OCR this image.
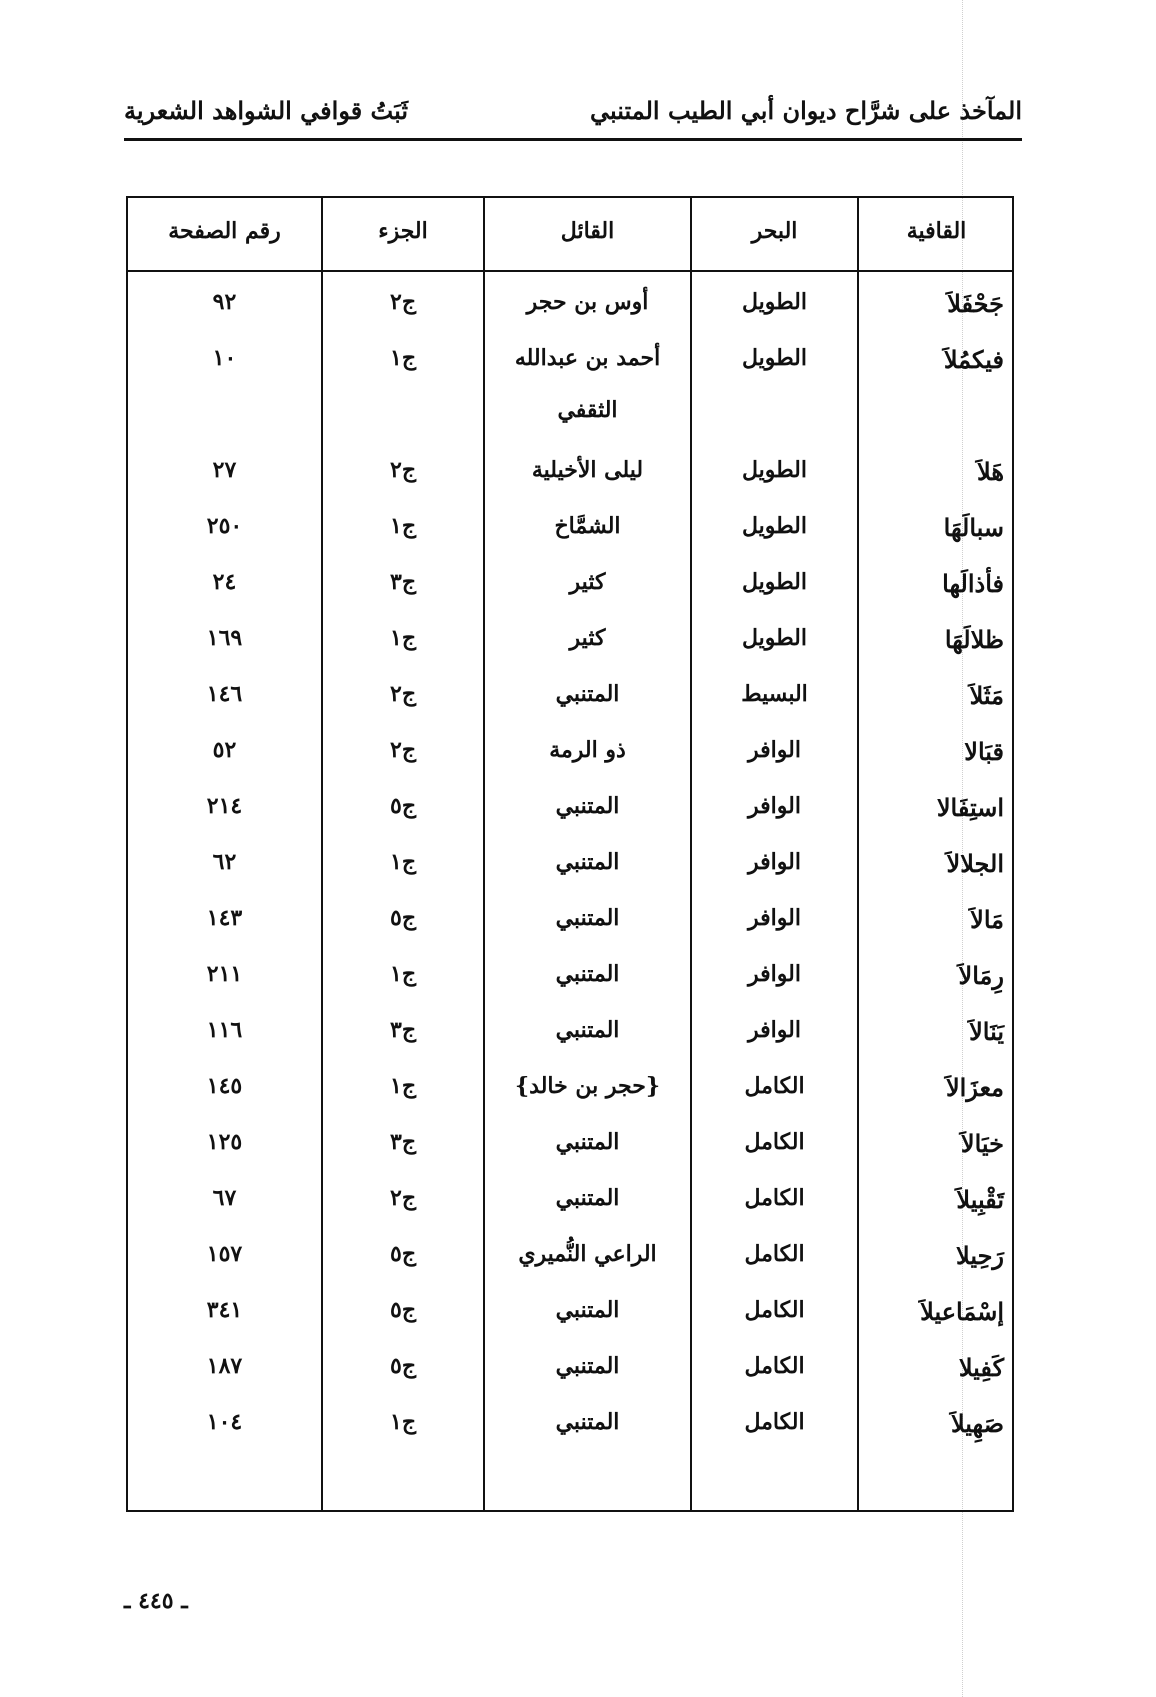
المآخذ على شرَّاح ديوان أبي الطيب المتنبي
ثَبَتُ قوافي الشواهد الشعرية
القافية
البحر
القائل
الجزء
رقم الصفحة
جَحْفَلاَ
الطويل
أوس بن حجر
ج٢
٩٢
فيكمُلاَ
الطويل
أحمد بن عبدالله
ج١
١٠
الثقفي
هَلاَ
الطويل
ليلى الأخيلية
ج٢
٢٧
سبالَهَا
الطويل
الشمَّاخ
ج١
٢٥٠
فأذالَها
الطويل
كثير
ج٣
٢٤
ظلالَهَا
الطويل
كثير
ج١
١٦٩
مَثَلاَ
البسيط
المتنبي
ج٢
١٤٦
قبَالا
الوافر
ذو الرمة
ج٢
٥٢
استِفَالا
الوافر
المتنبي
ج٥
٢١٤
الجلالاَ
الوافر
المتنبي
ج١
٦٢
مَالاَ
الوافر
المتنبي
ج٥
١٤٣
رِمَالاَ
الوافر
المتنبي
ج١
٢١١
يَنَالاَ
الوافر
المتنبي
ج٣
١١٦
معزَالاَ
الكامل
{حجر بن خالد}
ج١
١٤٥
خيَالاَ
الكامل
المتنبي
ج٣
١٢٥
تَقْبِيلاَ
الكامل
المتنبي
ج٢
٦٧
رَحِيلا
الكامل
الراعي النُّميري
ج٥
١٥٧
إسْمَاعيلاَ
الكامل
المتنبي
ج٥
٣٤١
كَفِيلا
الكامل
المتنبي
ج٥
١٨٧
صَهِيلاَ
الكامل
المتنبي
ج١
١٠٤
ـ ٤٤٥ ـ
